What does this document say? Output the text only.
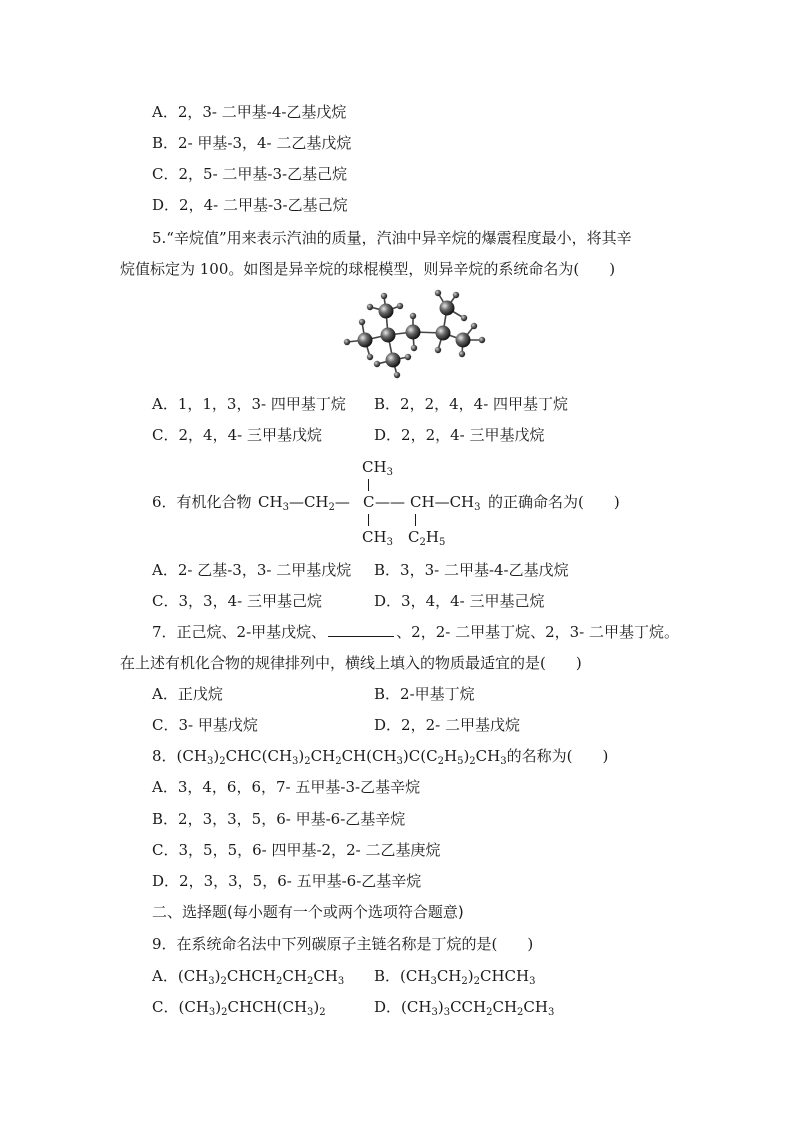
A．2，3- 二甲基-4-乙基戊烷
B．2- 甲基-3，4- 二乙基戊烷
C．2，5- 二甲基-3-乙基己烷
D．2，4- 二甲基-3-乙基己烷
5.“辛烷值”用来表示汽油的质量，汽油中异辛烷的爆震程度最小，将其辛
烷值标定为 100。如图是异辛烷的球棍模型，则异辛烷的系统命名为(　　)
A．1，1，3，3- 四甲基丁烷 B．2，2，4，4- 四甲基丁烷
C．2，4，4- 三甲基戊烷	D．2，2，4- 三甲基戊烷
$CH_3$
6．有机化合物 $CH_3—CH_2—$ C —— $CH—CH_3$ 的正确命名为(　　)
$CH_3$ $C_2H_5$
A．2- 乙基-3，3- 二甲基戊烷 B．3，3- 二甲基-4-乙基戊烷
C．3，3，4- 三甲基己烷	D．3，4，4- 三甲基己烷
7．正己烷、2-甲基戊烷、	、2，2- 二甲基丁烷、2，3- 二甲基丁烷。
在上述有机化合物的规律排列中，横线上填入的物质最适宜的是(　　)
A．正戊烷	B．2-甲基丁烷
C．3- 甲基戊烷	D．2，2- 二甲基戊烷
8．$(CH_3)_2CHC(CH_3)_2CH_2CH(CH_3)C(C_2H_5)_2CH_3$的名称为(　　)
A．3，4，6，6，7- 五甲基-3-乙基辛烷
B．2，3，3，5，6- 甲基-6-乙基辛烷
C．3，5，5，6- 四甲基-2，2- 二乙基庚烷
D．2，3，3，5，6- 五甲基-6-乙基辛烷
二、选择题(每小题有一个或两个选项符合题意)
9．在系统命名法中下列碳原子主链名称是丁烷的是(　　)
A．$(CH_3)_2CHCH_2CH_2CH_3$ B．$(CH_3CH_2)_2CHCH_3$
C．$(CH_3)_2CHCH(CH_3)_2$	D．$(CH_3)_3CCH_2CH_2CH_3$
